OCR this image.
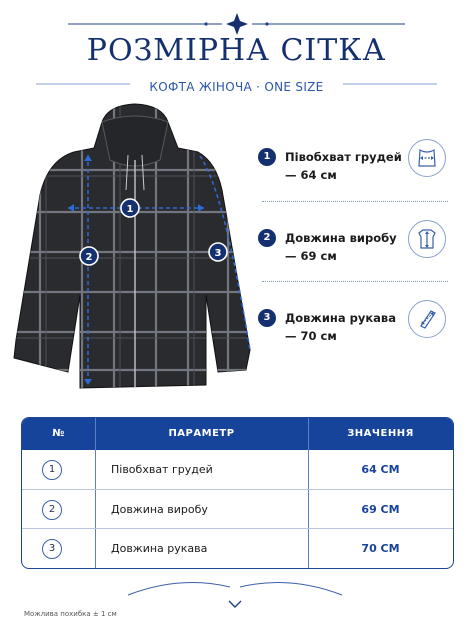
РОЗМІРНА СІТКА
КОФТА ЖІНОЧА · ONE SIZE
1
2	3
1	Півобхват грудей — 64 см
2	Довжина виробу — 69 см
3	Довжина рукава — 70 см
№	ПАРАМЕТР	ЗНАЧЕННЯ
1	Півобхват грудей	64 СМ
2	Довжина виробу	69 СМ
3	Довжина рукава	70 СМ
Можлива похибка ± 1 см
